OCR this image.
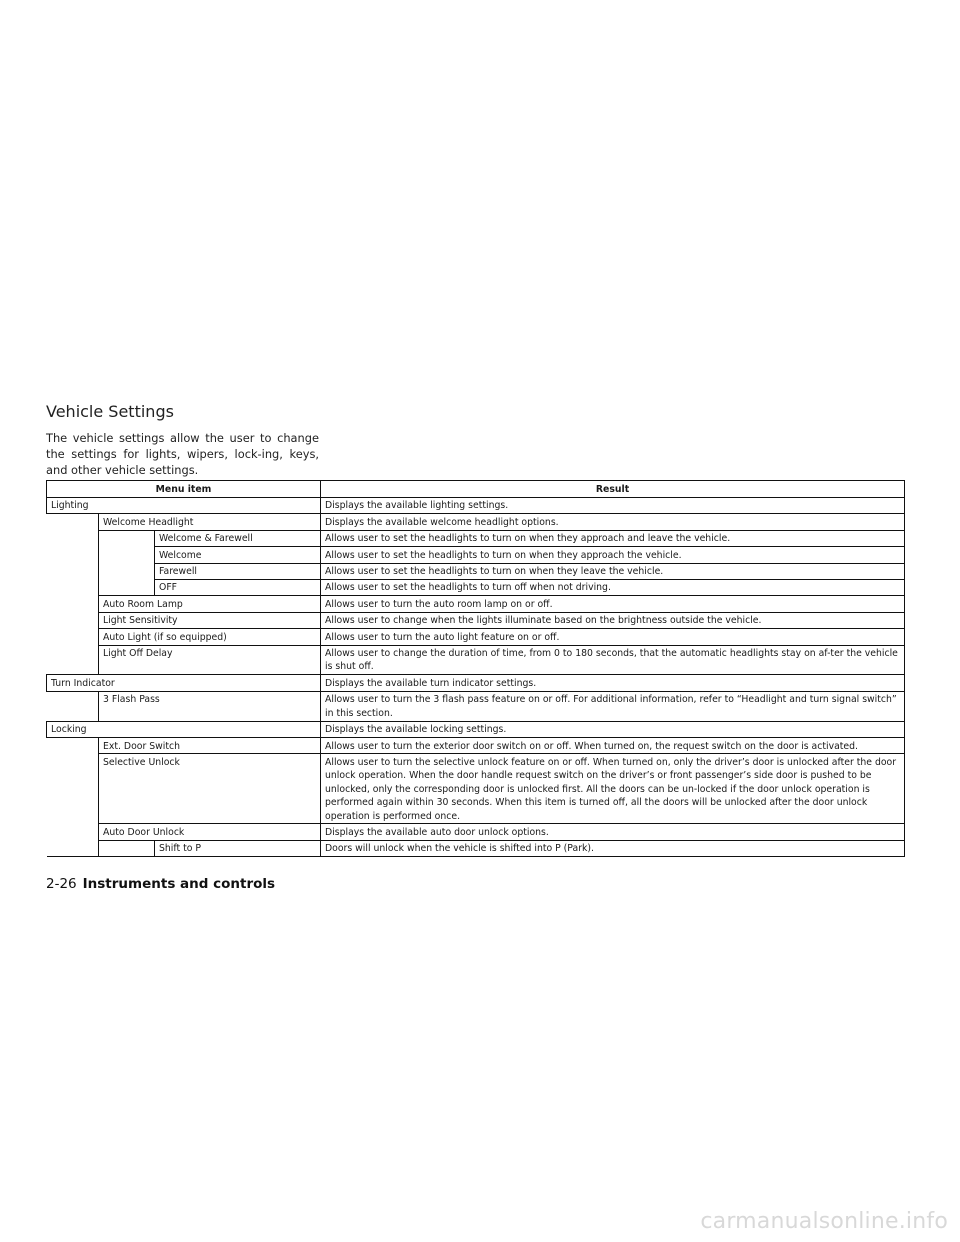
Vehicle Settings
The vehicle settings allow the user to change the settings for lights, wipers, lock-ing, keys, and other vehicle settings.
Menu item			Result
Lighting			Displays the available lighting settings.
	Welcome Headlight		Displays the available welcome headlight options.
		Welcome & Farewell	Allows user to set the headlights to turn on when they approach and leave the vehicle.
		Welcome	Allows user to set the headlights to turn on when they approach the vehicle.
		Farewell	Allows user to set the headlights to turn on when they leave the vehicle.
		OFF	Allows user to set the headlights to turn off when not driving.
	Auto Room Lamp		Allows user to turn the auto room lamp on or off.
	Light Sensitivity		Allows user to change when the lights illuminate based on the brightness outside the vehicle.
	Auto Light (if so equipped)		Allows user to turn the auto light feature on or off.
	Light Off Delay		Allows user to change the duration of time, from 0 to 180 seconds, that the automatic headlights stay on af-ter the vehicle is shut off.
Turn Indicator			Displays the available turn indicator settings.
	3 Flash Pass		Allows user to turn the 3 flash pass feature on or off. For additional information, refer to “Headlight and turn signal switch” in this section.
Locking			Displays the available locking settings.
	Ext. Door Switch		Allows user to turn the exterior door switch on or off. When turned on, the request switch on the door is activated.
	Selective Unlock		Allows user to turn the selective unlock feature on or off. When turned on, only the driver’s door is unlocked after the door unlock operation. When the door handle request switch on the driver’s or front passenger’s side door is pushed to be unlocked, only the corresponding door is unlocked first. All the doors can be un-locked if the door unlock operation is performed again within 30 seconds. When this item is turned off, all the doors will be unlocked after the door unlock operation is performed once.
	Auto Door Unlock		Displays the available auto door unlock options.
		Shift to P	Doors will unlock when the vehicle is shifted into P (Park).
2-26 Instruments and controls
carmanualsonline.info
